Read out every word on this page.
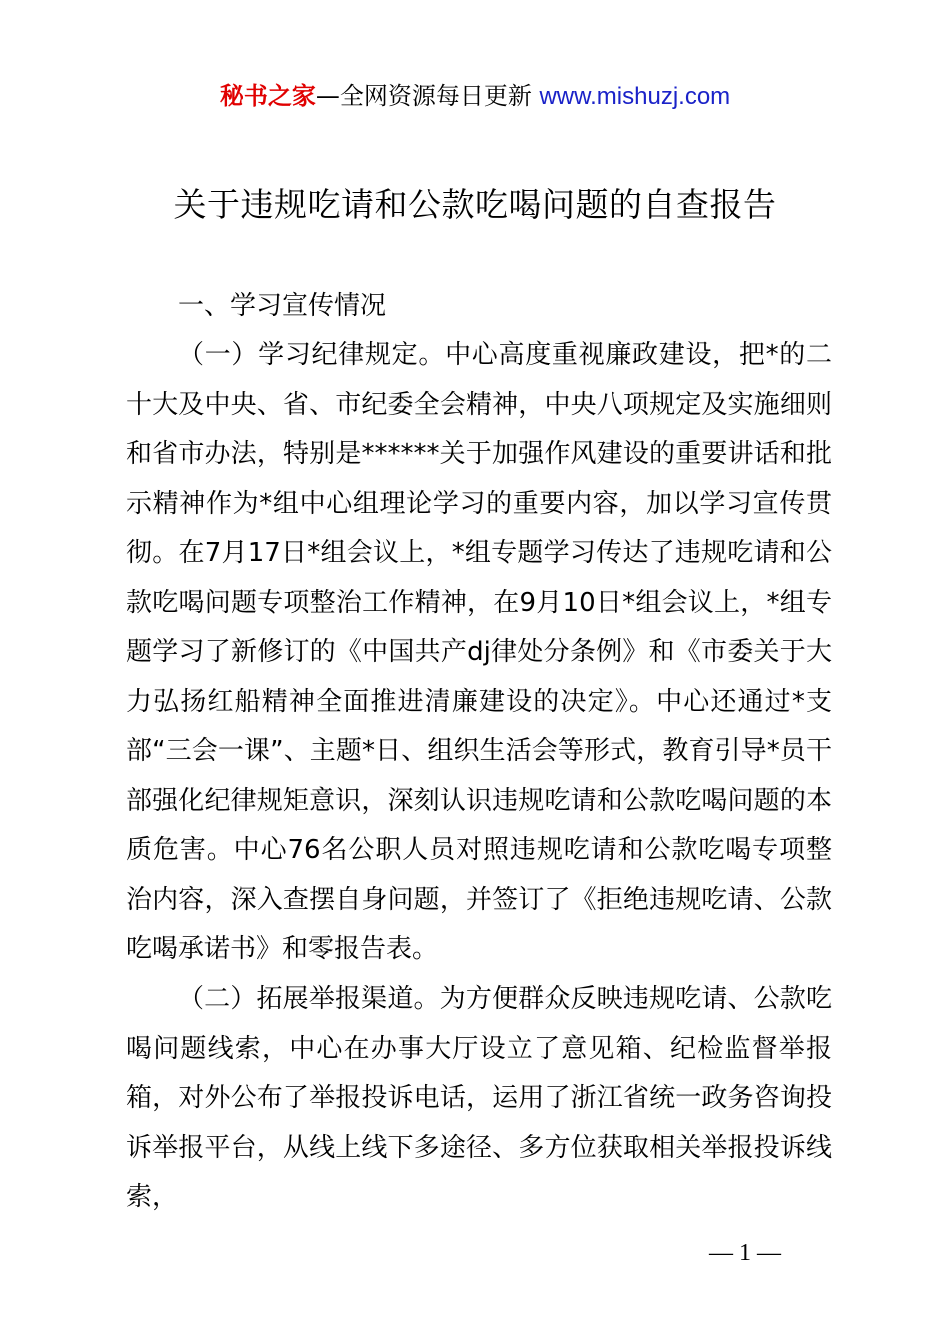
秘书之家—全网资源每日更新 www.mishuzj.com
关于违规吃请和公款吃喝问题的自查报告

一、学习宣传情况

（一）学习纪律规定。中心高度重视廉政建设，把*的二十大及中央、省、市纪委全会精神，中央八项规定及实施细则和省市办法，特别是******关于加强作风建设的重要讲话和批示精神作为*组中心组理论学习的重要内容，加以学习宣传贯彻。在7月17日*组会议上，*组专题学习传达了违规吃请和公款吃喝问题专项整治工作精神，在9月10日*组会议上，*组专题学习了新修订的《中国共产dj律处分条例》和《市委关于大力弘扬红船精神全面推进清廉建设的决定》。中心还通过*支部“三会一课”、主题*日、组织生活会等形式，教育引导*员干部强化纪律规矩意识，深刻认识违规吃请和公款吃喝问题的本质危害。中心76名公职人员对照违规吃请和公款吃喝专项整治内容，深入查摆自身问题，并签订了《拒绝违规吃请、公款吃喝承诺书》和零报告表。

（二）拓展举报渠道。为方便群众反映违规吃请、公款吃喝问题线索，中心在办事大厅设立了意见箱、纪检监督举报箱，对外公布了举报投诉电话，运用了浙江省统一政务咨询投诉举报平台，从线上线下多途径、多方位获取相关举报投诉线索，

— 1 —
